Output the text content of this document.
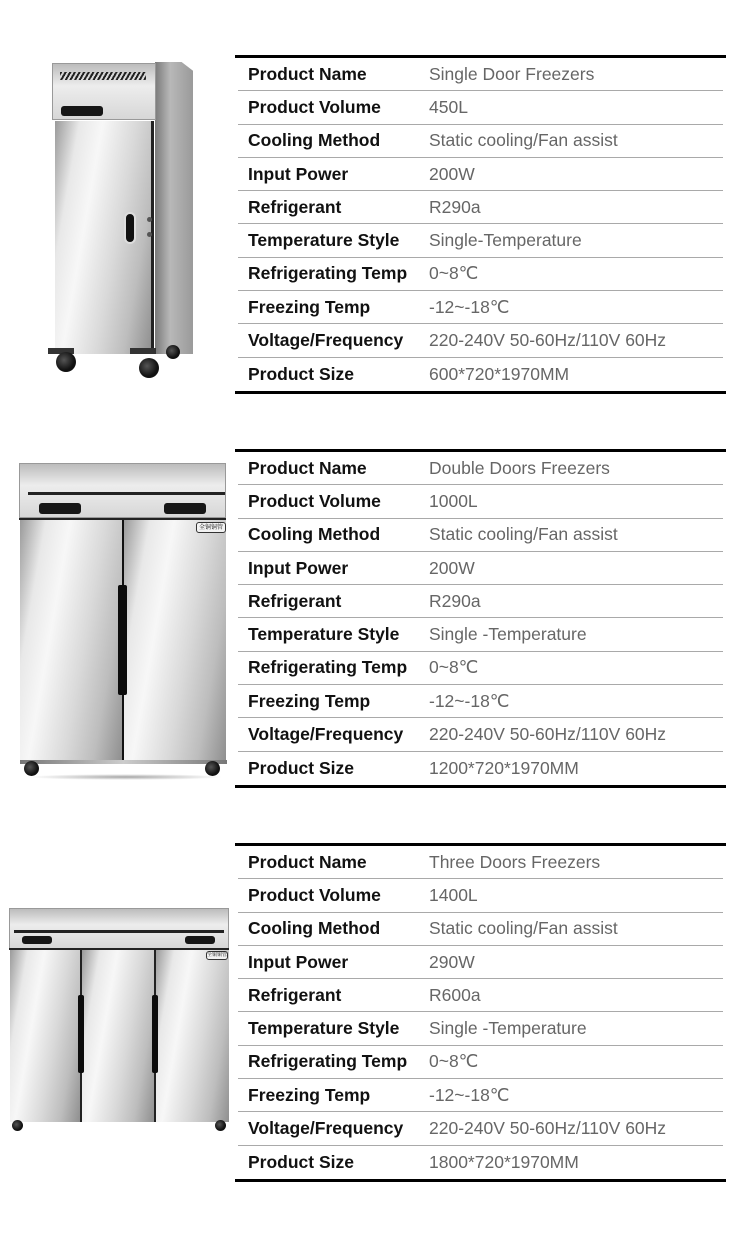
Product Name	Single Door Freezers
Product Volume	450L
Cooling Method	Static cooling/Fan assist
Input Power	200W
Refrigerant	R290a
Temperature Style	Single-Temperature
Refrigerating Temp	0~8℃
Freezing Temp	-12~-18℃
Voltage/Frequency	220-240V 50-60Hz/110V 60Hz
Product Size	600*720*1970MM
全铜铜管
Product Name	Double Doors Freezers
Product Volume	1000L
Cooling Method	Static cooling/Fan assist
Input Power	200W
Refrigerant	R290a
Temperature Style	Single -Temperature
Refrigerating Temp	0~8℃
Freezing Temp	-12~-18℃
Voltage/Frequency	220-240V 50-60Hz/110V 60Hz
Product Size	1200*720*1970MM
全铜铜管
Product Name	Three Doors Freezers
Product Volume	1400L
Cooling Method	Static cooling/Fan assist
Input Power	290W
Refrigerant	R600a
Temperature Style	Single -Temperature
Refrigerating Temp	0~8℃
Freezing Temp	-12~-18℃
Voltage/Frequency	220-240V 50-60Hz/110V 60Hz
Product Size	1800*720*1970MM
